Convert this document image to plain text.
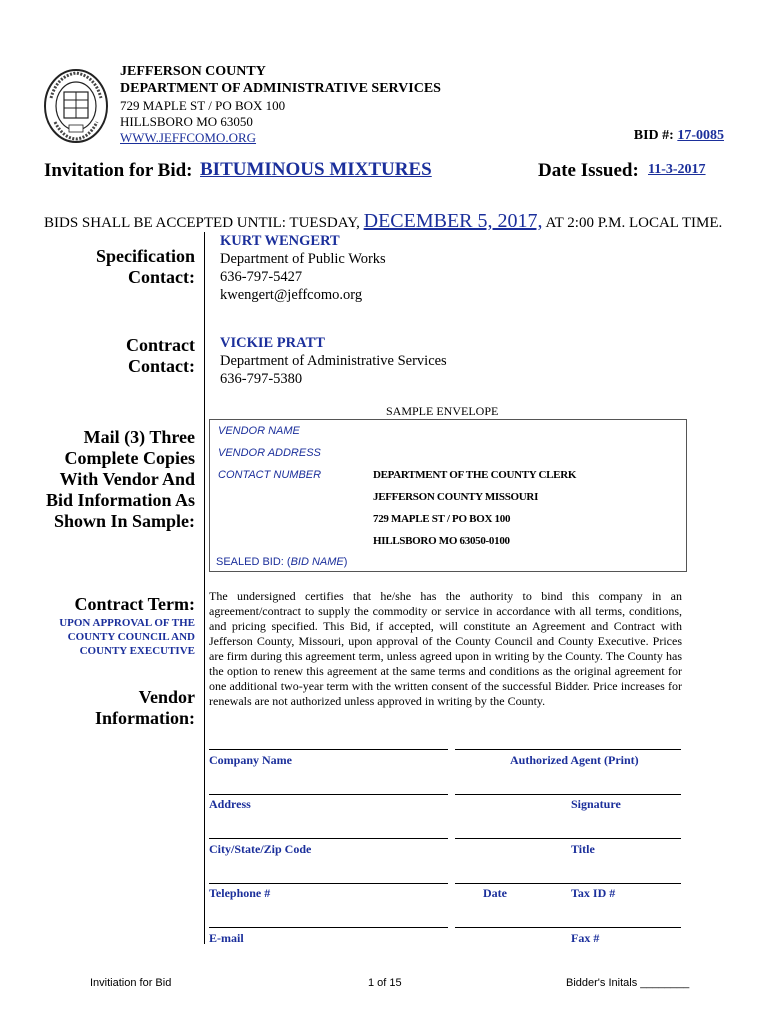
JEFFERSON COUNTY
DEPARTMENT OF ADMINISTRATIVE SERVICES
729 MAPLE ST / PO BOX 100
HILLSBORO MO 63050
WWW.JEFFCOMO.ORG	BID #: 17-0085
Invitation for Bid: BITUMINOUS MIXTURES	Date Issued: 11-3-2017
BIDS SHALL BE ACCEPTED UNTIL: TUESDAY, DECEMBER 5, 2017, AT 2:00 P.M. LOCAL TIME.
Specification
Contact:
KURT WENGERT
Department of Public Works
636-797-5427
kwengert@jeffcomo.org
Contract
Contact:
VICKIE PRATT
Department of Administrative Services
636-797-5380
Mail (3) Three
Complete Copies
With Vendor And
Bid Information As
Shown In Sample:
SAMPLE ENVELOPE
VENDOR NAME
VENDOR ADDRESS
CONTACT NUMBER	DEPARTMENT OF THE COUNTY CLERK
JEFFERSON COUNTY MISSOURI
729 MAPLE ST / PO BOX 100
HILLSBORO MO 63050-0100
SEALED BID: (BID NAME)
Contract Term:
UPON APPROVAL OF THE
COUNTY COUNCIL AND
COUNTY EXECUTIVE
The undersigned certifies that he/she has the authority to bind this company in an agreement/contract to supply the commodity or service in accordance with all terms, conditions, and pricing specified. This Bid, if accepted, will constitute an Agreement and Contract with Jefferson County, Missouri, upon approval of the County Council and County Executive. Prices are firm during this agreement term, unless agreed upon in writing by the County. The County has the option to renew this agreement at the same terms and conditions as the original agreement for one additional two-year term with the written consent of the successful Bidder. Price increases for renewals are not authorized unless approved in writing by the County.
Vendor
Information:
Company Name	Authorized Agent (Print)
Address	Signature
City/State/Zip Code	Title
Telephone #	Date	Tax ID #
E-mail	Fax #
Invitiation for Bid	1 of 15	Bidder's Initals ________
